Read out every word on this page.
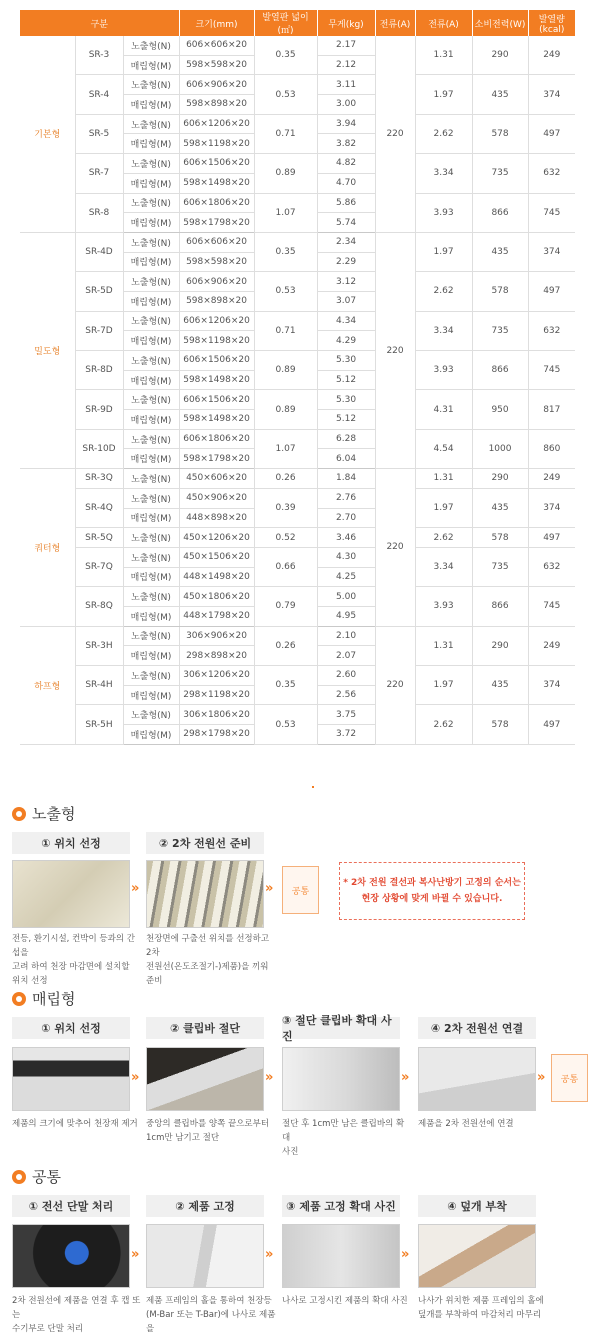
구분			크기(mm)	발열판 넓이(㎡)	무게(kg)	전류(A)	전류(A)	소비전력(W)	발열량(kcal)
기본형	SR-3	노출형(N)	606×606×20	0.35	2.17	220	1.31	290	249
		매립형(M)	598×598×20		2.12				
	SR-4	노출형(N)	606×906×20	0.53	3.11		1.97	435	374
		매립형(M)	598×898×20		3.00				
	SR-5	노출형(N)	606×1206×20	0.71	3.94		2.62	578	497
		매립형(M)	598×1198×20		3.82				
	SR-7	노출형(N)	606×1506×20	0.89	4.82		3.34	735	632
		매립형(M)	598×1498×20		4.70				
	SR-8	노출형(N)	606×1806×20	1.07	5.86		3.93	866	745
		매립형(M)	598×1798×20		5.74				
밀도형	SR-4D	노출형(N)	606×606×20	0.35	2.34	220	1.97	435	374
		매립형(M)	598×598×20		2.29				
	SR-5D	노출형(N)	606×906×20	0.53	3.12		2.62	578	497
		매립형(M)	598×898×20		3.07				
	SR-7D	노출형(N)	606×1206×20	0.71	4.34		3.34	735	632
		매립형(M)	598×1198×20		4.29				
	SR-8D	노출형(N)	606×1506×20	0.89	5.30		3.93	866	745
		매립형(M)	598×1498×20		5.12				
	SR-9D	노출형(N)	606×1506×20	0.89	5.30		4.31	950	817
		매립형(M)	598×1498×20		5.12				
	SR-10D	노출형(N)	606×1806×20	1.07	6.28		4.54	1000	860
		매립형(M)	598×1798×20		6.04				
쿼터형	SR-3Q	노출형(N)	450×606×20	0.26	1.84	220	1.31	290	249
	SR-4Q	노출형(N)	450×906×20	0.39	2.76		1.97	435	374
		매립형(M)	448×898×20		2.70				
	SR-5Q	노출형(N)	450×1206×20	0.52	3.46		2.62	578	497
	SR-7Q	노출형(N)	450×1506×20	0.66	4.30		3.34	735	632
		매립형(M)	448×1498×20		4.25				
	SR-8Q	노출형(N)	450×1806×20	0.79	5.00		3.93	866	745
		매립형(M)	448×1798×20		4.95				
하프형	SR-3H	노출형(N)	306×906×20	0.26	2.10	220	1.31	290	249
		매립형(M)	298×898×20		2.07				
	SR-4H	노출형(N)	306×1206×20	0.35	2.60		1.97	435	374
		매립형(M)	298×1198×20		2.56				
	SR-5H	노출형(N)	306×1806×20	0.53	3.75		2.62	578	497
		매립형(M)	298×1798×20		3.72				
노출형
① 위치 선정	② 2차 전원선 준비
»	»	공통
* 2차 전원 결선과 복사난방기 고정의 순서는
현장 상황에 맞게 바뀔 수 있습니다.
전등, 환기시설, 컨박이 등과의 간섭을
고려 하여 천장 마감면에 설치할
위치 선정
천장면에 구출선 위치를 선정하고 2차
전원선(온도조절기-)제품)을 끼워
준비
매립형
① 위치 선정	② 클립바 절단
③ 절단 클립바 확대 사진
④ 2차 전원선 연결
»	»	»	»	공통
제품의 크기에 맞추어 천장재 제거 중앙의 클립바를 양쪽 끝으로부터
1cm만 남기고 절단
절단 후 1cm만 남은 클립바의 확대
사진
제품을 2차 전원선에 연결
공통
① 전선 단말 처리	② 제품 고정	③ 제품 고정 확대 사진	④ 덮개 부착
»	»	»
2차 전원선에 제품을 연결 후 캡 또는
수기부로 단말 처리
제품 프레임의 홀을 통하여 천장등
(M-Bar 또는 T-Bar)에 나사로 제품을
나사로 고정시킨 제품의 확대 사진	나사가 위치한 제품 프레임의 홀에
덮개를 부착하여 마감처리 마무리
